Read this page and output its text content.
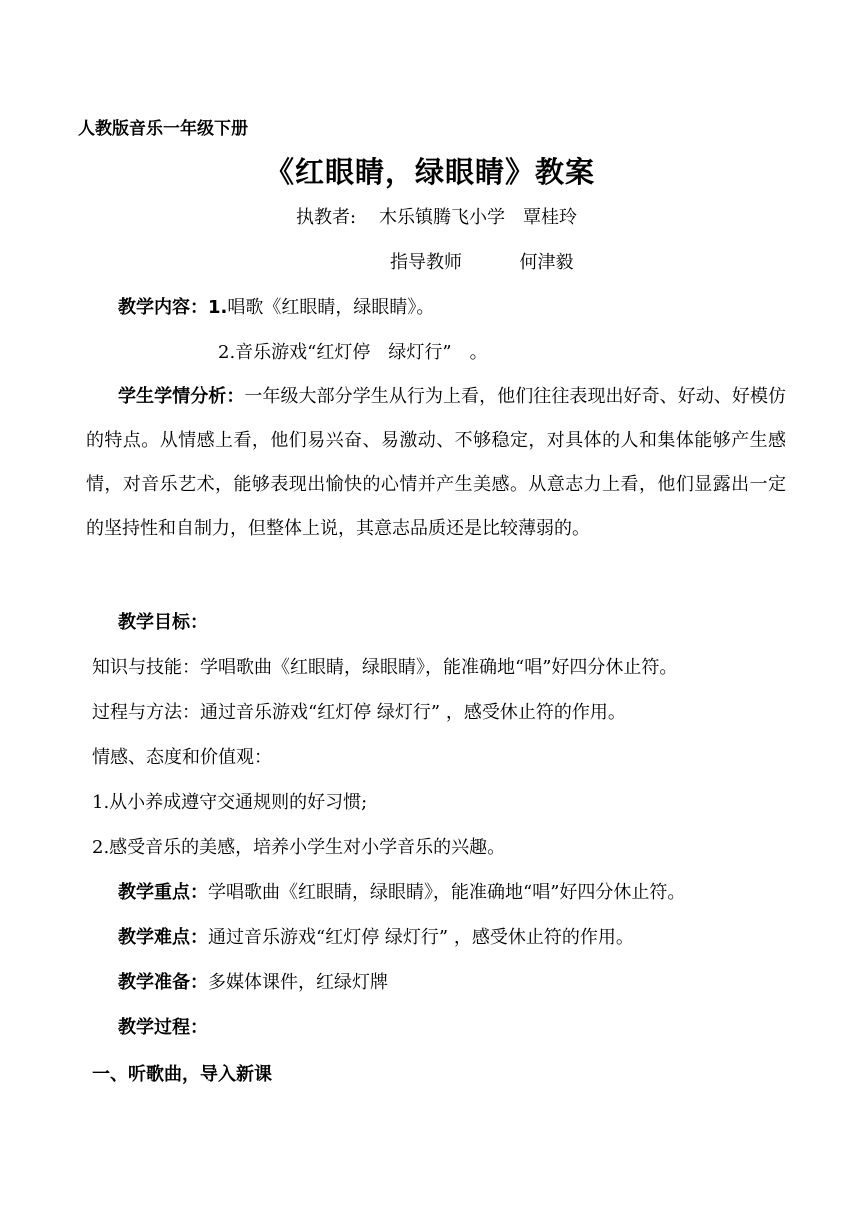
人教版音乐一年级下册
《红眼睛，绿眼睛》教案
执教者: 木乐镇腾飞小学　覃桂玲
指导教师	何津毅
教学内容：1.唱歌《红眼睛，绿眼睛》。
2.音乐游戏“红灯停　绿灯行”　。
学生学情分析：一年级大部分学生从行为上看，他们往往表现出好奇、好动、好模仿的特点。从情感上看，他们易兴奋、易激动、不够稳定，对具体的人和集体能够产生感情，对音乐艺术，能够表现出愉快的心情并产生美感。从意志力上看，他们显露出一定的坚持性和自制力，但整体上说，其意志品质还是比较薄弱的。
教学目标：
知识与技能：学唱歌曲《红眼睛，绿眼睛》，能准确地“唱”好四分休止符。
过程与方法：通过音乐游戏“红灯停 绿灯行” ，感受休止符的作用。
情感、态度和价值观：
1.从小养成遵守交通规则的好习惯;
2.感受音乐的美感，培养小学生对小学音乐的兴趣。
教学重点：学唱歌曲《红眼睛，绿眼睛》，能准确地“唱”好四分休止符。
教学难点：通过音乐游戏“红灯停 绿灯行” ，感受休止符的作用。
教学准备：多媒体课件，红绿灯牌
教学过程：
一、听歌曲，导入新课
